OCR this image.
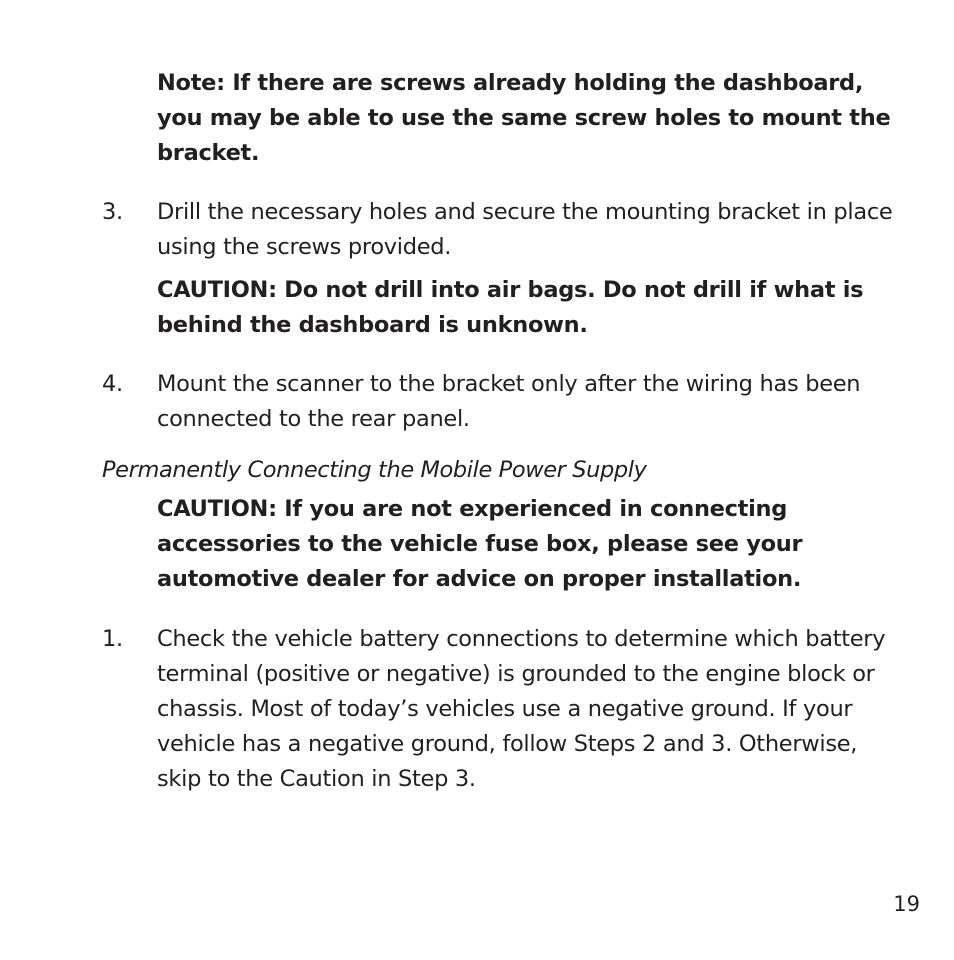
Note: If there are screws already holding the dashboard, you may be able to use the same screw holes to mount the bracket.
3.	Drill the necessary holes and secure the mounting bracket in place using the screws provided.
CAUTION: Do not drill into air bags. Do not drill if what is behind the dashboard is unknown.
4.	Mount the scanner to the bracket only after the wiring has been connected to the rear panel.
Permanently Connecting the Mobile Power Supply
CAUTION: If you are not experienced in connecting accessories to the vehicle fuse box, please see your automotive dealer for advice on proper installation.
1.	Check the vehicle battery connections to determine which battery terminal (positive or negative) is grounded to the engine block or chassis. Most of today’s vehicles use a negative ground. If your vehicle has a negative ground, follow Steps 2 and 3. Otherwise, skip to the Caution in Step 3.
19
